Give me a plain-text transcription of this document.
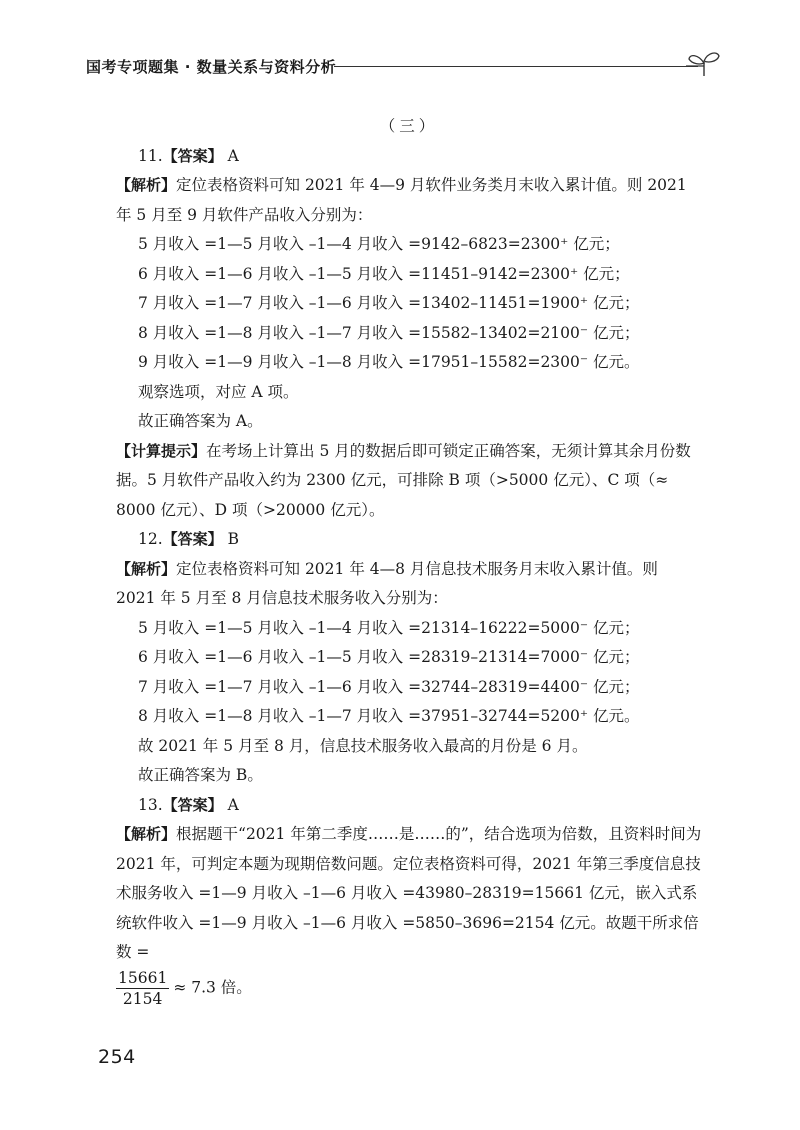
国考专项题集 · 数量关系与资料分析

（三）

11.【答案】 A

【解析】定位表格资料可知 2021 年 4—9 月软件业务类月末收入累计值。则 2021 年 5 月至 9 月软件产品收入分别为：

5 月收入 =1—5 月收入 –1—4 月收入 =9142–6823=2300⁺ 亿元；

6 月收入 =1—6 月收入 –1—5 月收入 =11451–9142=2300⁺ 亿元；

7 月收入 =1—7 月收入 –1—6 月收入 =13402–11451=1900⁺ 亿元；

8 月收入 =1—8 月收入 –1—7 月收入 =15582–13402=2100⁻ 亿元；

9 月收入 =1—9 月收入 –1—8 月收入 =17951–15582=2300⁻ 亿元。

观察选项，对应 A 项。

故正确答案为 A。

【计算提示】在考场上计算出 5 月的数据后即可锁定正确答案，无须计算其余月份数据。5 月软件产品收入约为 2300 亿元，可排除 B 项（>5000 亿元）、C 项（≈ 8000 亿元）、D 项（>20000 亿元）。

12.【答案】 B

【解析】定位表格资料可知 2021 年 4—8 月信息技术服务月末收入累计值。则 2021 年 5 月至 8 月信息技术服务收入分别为：

5 月收入 =1—5 月收入 –1—4 月收入 =21314–16222=5000⁻ 亿元；

6 月收入 =1—6 月收入 –1—5 月收入 =28319–21314=7000⁻ 亿元；

7 月收入 =1—7 月收入 –1—6 月收入 =32744–28319=4400⁻ 亿元；

8 月收入 =1—8 月收入 –1—7 月收入 =37951–32744=5200⁺ 亿元。

故 2021 年 5 月至 8 月，信息技术服务收入最高的月份是 6 月。

故正确答案为 B。

13.【答案】 A

【解析】根据题干“2021 年第二季度……是……的”，结合选项为倍数，且资料时间为 2021 年，可判定本题为现期倍数问题。定位表格资料可得，2021 年第三季度信息技术服务收入 =1—9 月收入 –1—6 月收入 =43980–28319=15661 亿元，嵌入式系统软件收入 =1—9 月收入 –1—6 月收入 =5850–3696=2154 亿元。故题干所求倍数 =

$\frac{15661}{2154} \approx 7.3$ 倍。

254
